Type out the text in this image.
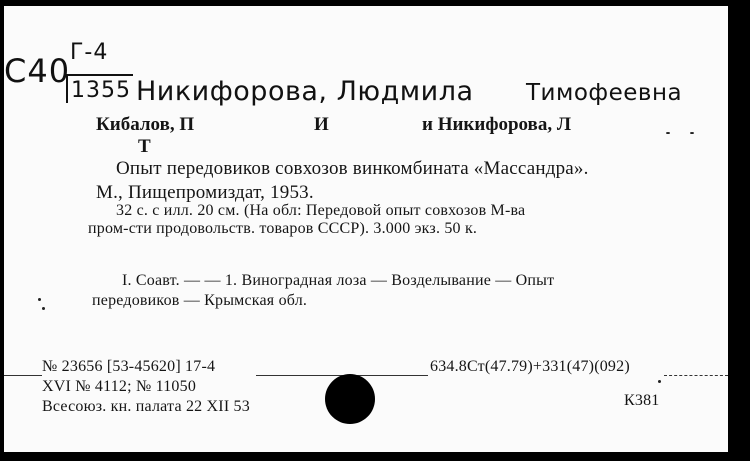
Г-4
С40
1355 Никифорова, Людмила Тимофеевна
Кибалов, П	И	и Никифорова, Л
Т
Опыт передовиков совхозов винкомбината «Массандра».
М., Пищепромиздат, 1953.
32 с. с илл. 20 см. (На обл: Передовой опыт совхозов М-ва
пром-сти продовольств. товаров СССР). 3.000 экз. 50 к.
I. Соавт. — — 1. Виноградная лоза — Возделывание — Опыт
передовиков — Крымская обл.
№ 23656 [53-45620] 17-4	634.8Ст(47.79)+331(47)(092)
XVI № 4112; № 11050
Всесоюз. кн. палата 22 XII 53	К381
